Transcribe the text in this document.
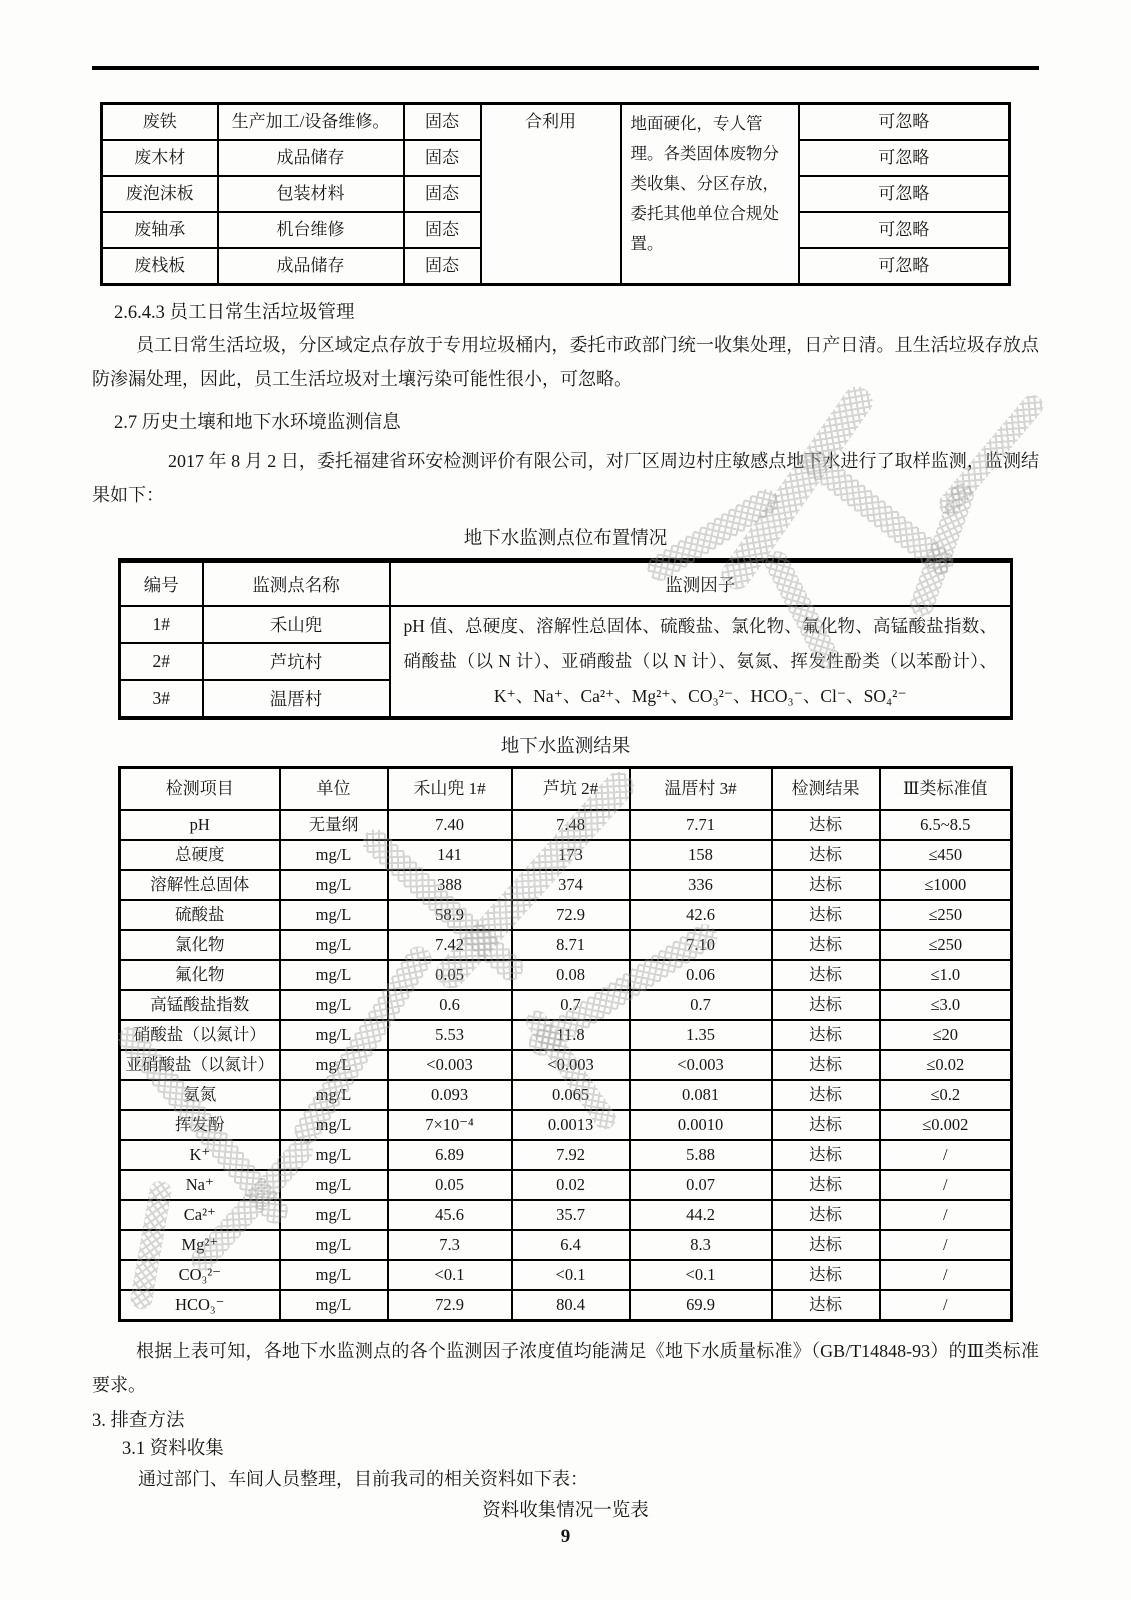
废铁	生产加工/设备维修。	固态	合利用	地面硬化，专人管理。各类固体废物分类收集、分区存放，委托其他单位合规处置。	可忽略
废木材	成品储存	固态			可忽略
废泡沫板	包装材料	固态			可忽略
废轴承	机台维修	固态			可忽略
废栈板	成品储存	固态			可忽略
2.6.4.3 员工日常生活垃圾管理

员工日常生活垃圾，分区域定点存放于专用垃圾桶内，委托市政部门统一收集处理，日产日清。且生活垃圾存放点防渗漏处理，因此，员工生活垃圾对土壤污染可能性很小，可忽略。

2.7 历史土壤和地下水环境监测信息

2017 年 8 月 2 日，委托福建省环安检测评价有限公司，对厂区周边村庄敏感点地下水进行了取样监测，监测结果如下：

地下水监测点位布置情况
编号	监测点名称	监测因子
1#	禾山兜	pH 值、总硬度、溶解性总固体、硫酸盐、氯化物、氟化物、高锰酸盐指数、硝酸盐（以 N 计）、亚硝酸盐（以 N 计）、氨氮、挥发性酚类（以苯酚计）、K⁺、Na⁺、Ca²⁺、Mg²⁺、CO₃²⁻、HCO₃⁻、Cl⁻、SO₄²⁻
2#	芦坑村	
3#	温厝村	
地下水监测结果
检测项目	单位	禾山兜 1#	芦坑 2#	温厝村 3#	检测结果	Ⅲ类标准值
pH	无量纲	7.40	7.48	7.71	达标	6.5~8.5
总硬度	mg/L	141	173	158	达标	≤450
溶解性总固体	mg/L	388	374	336	达标	≤1000
硫酸盐	mg/L	58.9	72.9	42.6	达标	≤250
氯化物	mg/L	7.42	8.71	7.10	达标	≤250
氟化物	mg/L	0.05	0.08	0.06	达标	≤1.0
高锰酸盐指数	mg/L	0.6	0.7	0.7	达标	≤3.0
硝酸盐（以氮计）	mg/L	5.53	11.8	1.35	达标	≤20
亚硝酸盐（以氮计）	mg/L	<0.003	<0.003	<0.003	达标	≤0.02
氨氮	mg/L	0.093	0.065	0.081	达标	≤0.2
挥发酚	mg/L	7×10⁻⁴	0.0013	0.0010	达标	≤0.002
K⁺	mg/L	6.89	7.92	5.88	达标	/
Na⁺	mg/L	0.05	0.02	0.07	达标	/
Ca²⁺	mg/L	45.6	35.7	44.2	达标	/
Mg²⁺	mg/L	7.3	6.4	8.3	达标	/
CO₃²⁻	mg/L	<0.1	<0.1	<0.1	达标	/
HCO₃⁻	mg/L	72.9	80.4	69.9	达标	/

根据上表可知，各地下水监测点的各个监测因子浓度值均能满足《地下水质量标准》（GB/T14848-93）的Ⅲ类标准要求。

3. 排查方法
3.1 资料收集

通过部门、车间人员整理，目前我司的相关资料如下表：

资料收集情况一览表
9
